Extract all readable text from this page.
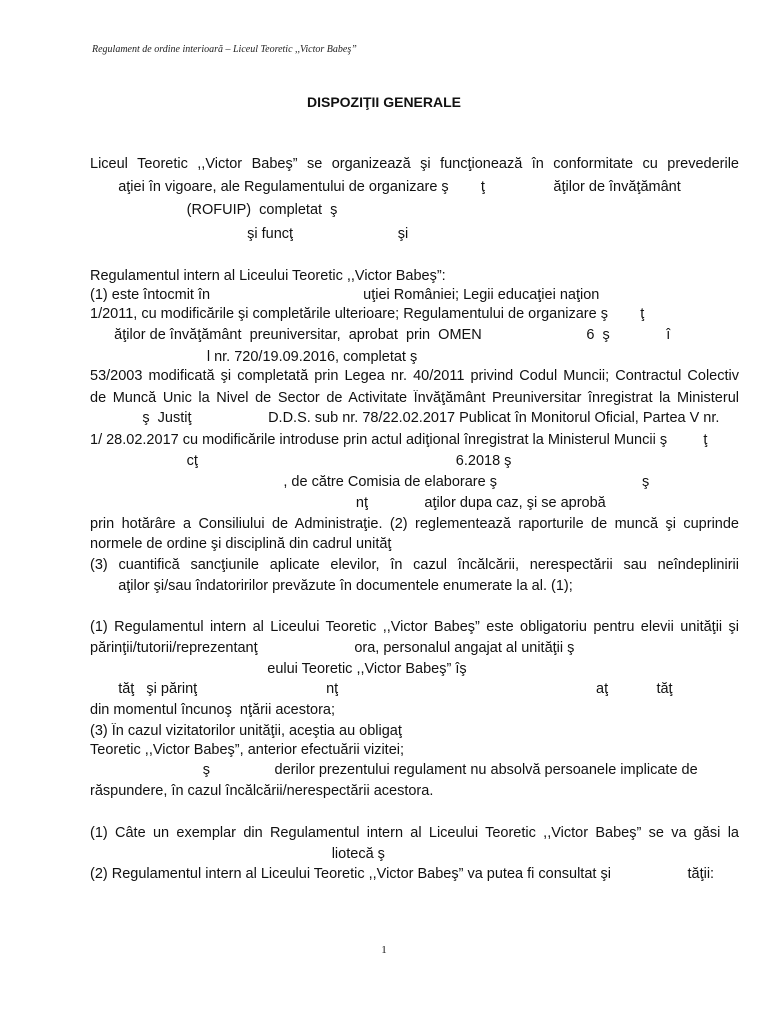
Regulament de ordine interioară – Liceul Teoretic ,,Victor Babeş”
DISPOZIŢII GENERALE
Liceul Teoretic ,,Victor Babeş” se organizează şi funcţionează în conformitate cu prevederile
aţiei în vigoare, ale Regulamentului de organizare ş        ţ                 ăţilor de învăţământ
(ROFUIP)  completat  ş
şi funcţ                          şi
Regulamentul intern al Liceului Teoretic ,,Victor Babeş”:
(1) este întocmit în                                      uţiei României; Legii educaţiei naţion
1/2011, cu modificările şi completările ulterioare; Regulamentului de organizare ş        ţ
ăţilor de învăţământ  preuniversitar,  aprobat  prin  OMEN                          6  ş              î
l nr. 720/19.09.2016, completat ş
53/2003 modificată şi completată prin Legea nr. 40/2011 privind Codul Muncii; Contractul Colectiv
de Muncă Unic la Nivel de Sector de Activitate Învăţământ Preuniversitar înregistrat la Ministerul
ş  Justiţ                   D.D.S. sub nr. 78/22.02.2017 Publicat în Monitorul Oficial, Partea V nr.
1/ 28.02.2017 cu modificările introduse prin actul adiţional înregistrat la Ministerul Muncii ş         ţ
cţ                                                                6.2018 ş
, de către Comisia de elaborare ş                                    ş
nţ              aţilor dupa caz, şi se aprobă
prin hotărâre a Consiliului de Administraţie. (2) reglementează raporturile de muncă şi cuprinde
normele de ordine şi disciplină din cadrul unităţ
(3) cuantifică sancţiunile aplicate elevilor, în cazul încălcării, nerespectării sau neîndeplinirii
aţilor şi/sau îndatoririlor prevăzute în documentele enumerate la al. (1);
(1) Regulamentul intern al Liceului Teoretic ,,Victor Babeş” este obligatoriu pentru elevii unităţii şi
părinţii/tutorii/reprezentanţ                        ora, personalul angajat al unităţii ş
eului Teoretic ,,Victor Babeş” îş
tăţ   şi părinţ                                nţ                                                                aţ            tăţ
din momentul încunoş  nţării acestora;
(3) În cazul vizitatorilor unităţii, aceştia au obligaţ
Teoretic ,,Victor Babeş”, anterior efectuării vizitei;
ş                derilor prezentului regulament nu absolvă persoanele implicate de
răspundere, în cazul încălcării/nerespectării acestora.
(1) Câte un exemplar din Regulamentul intern al Liceului Teoretic ,,Victor Babeş” se va găsi la
liotecă ş
(2) Regulamentul intern al Liceului Teoretic ,,Victor Babeş” va putea fi consultat şi                   tăţii:
1
